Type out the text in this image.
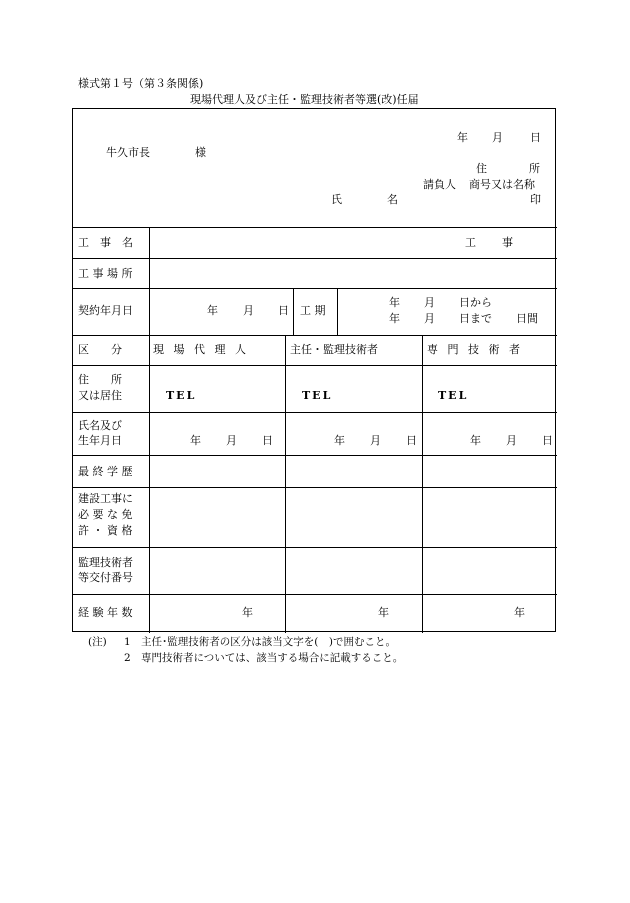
様式第１号（第３条関係)
現場代理人及び主任・監理技術者等選(改)任届
年 月 日
牛久市長	様
住	所
請負人 商号又は名称
氏	名	印
工　事　名	工 事
工 事 場 所
契約年月日	年 月 日 工 期
年 月 日から
年 月 日まで 日間
区　　分	現 場 代 理 人	主任・監理技術者	専 門 技 術 者
住　　所
又は居住	TEL	TEL	TEL
氏名及び
生年月日	年 月 日	年 月 日	年 月 日
最 終 学 歴
建設工事に
必 要 な 免
許 ・ 資 格
監理技術者
等交付番号
経 験 年 数	年	年	年
(注) 1 主任･監理技術者の区分は該当文字を(　)で囲むこと。
2 専門技術者については、該当する場合に記載すること。
